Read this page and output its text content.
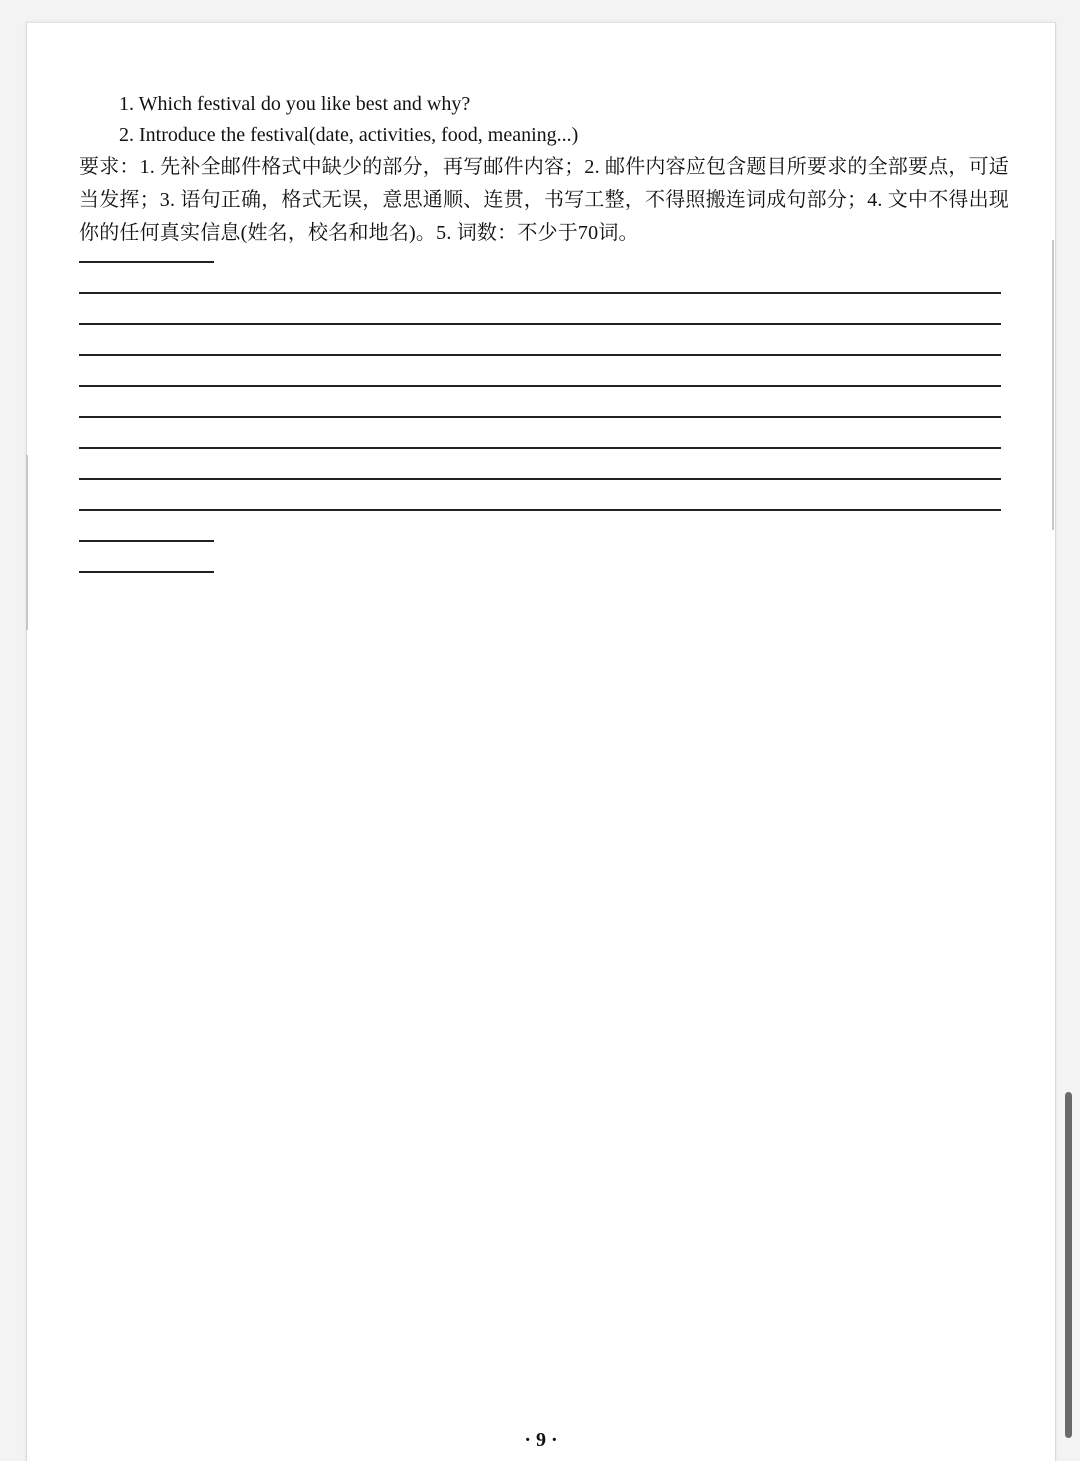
1. Which festival do you like best and why?
2. Introduce the festival(date, activities, food, meaning...)
要求：1. 先补全邮件格式中缺少的部分，再写邮件内容；2. 邮件内容应包含题目所要求的全部要点，可适当发挥；3. 语句正确，格式无误，意思通顺、连贯，书写工整，不得照搬连词成句部分；4. 文中不得出现你的任何真实信息(姓名，校名和地名)。5. 词数：不少于70词。
· 9 ·
